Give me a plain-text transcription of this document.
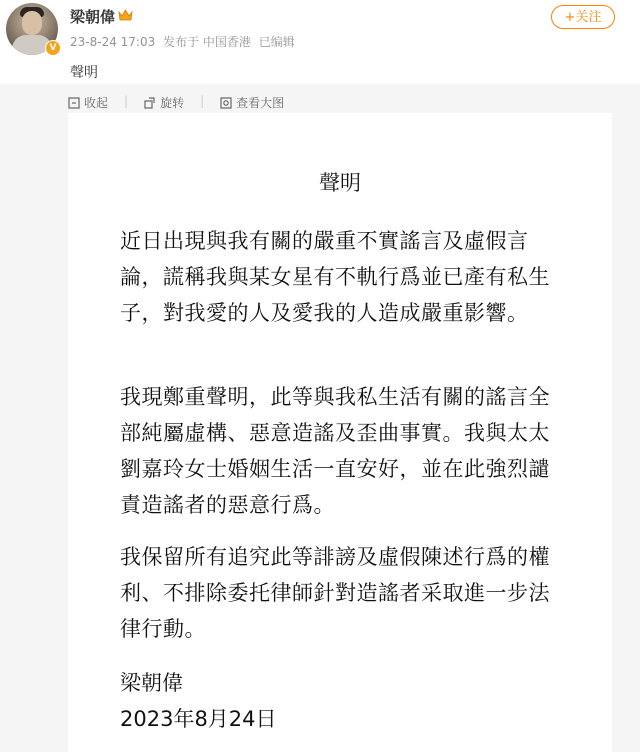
V
梁朝偉
23-8-24 17:03 发布于 中国香港 已编辑
+关注
聲明
收起 |	旋转 |	查看大图
聲明
近日出現與我有關的嚴重不實謠言及虛假言論，謊稱我與某女星有不軌行爲並已產有私生子，對我愛的人及愛我的人造成嚴重影響。
我現鄭重聲明，此等與我私生活有關的謠言全部純屬虛構、惡意造謠及歪曲事實。我與太太劉嘉玲女士婚姻生活一直安好，並在此強烈譴責造謠者的惡意行爲。
我保留所有追究此等誹謗及虛假陳述行爲的權利、不排除委托律師針對造謠者采取進一步法律行動。
梁朝偉
2023年8月24日
